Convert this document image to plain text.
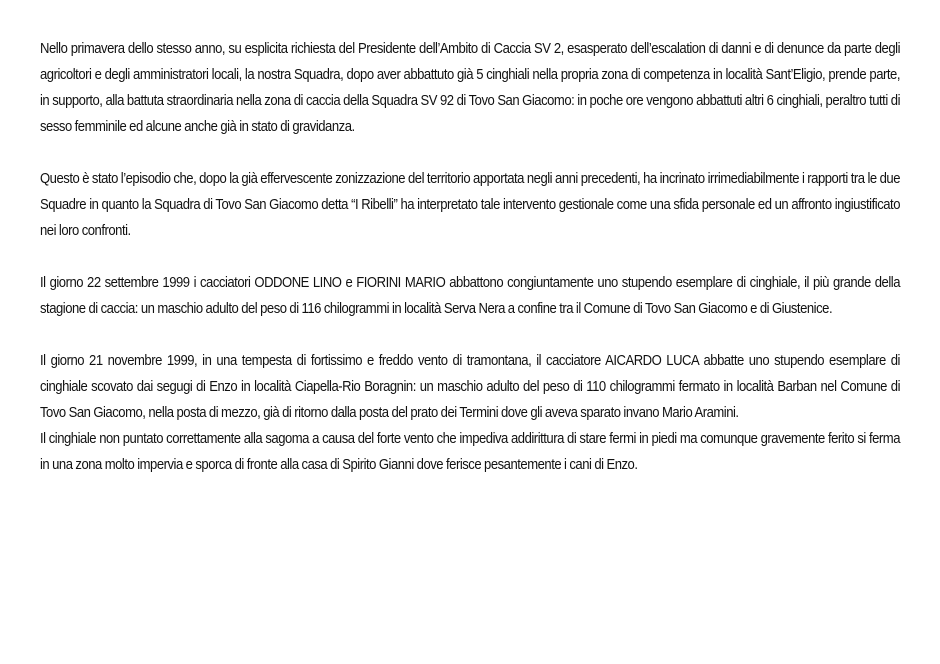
Nello primavera dello stesso anno, su esplicita richiesta del Presidente dell’Ambito di Caccia SV 2, esasperato dell’escalation di danni e di denunce da parte degli agricoltori e degli amministratori locali, la nostra Squadra, dopo aver abbattuto già 5 cinghiali nella propria zona di competenza in località Sant’Eligio, prende parte, in supporto, alla battuta straordinaria nella zona di caccia della Squadra SV 92 di Tovo San Giacomo: in poche ore vengono abbattuti altri 6 cinghiali, peraltro tutti di sesso femminile ed alcune anche già in stato di gravidanza.

Questo è stato l’episodio che, dopo la già effervescente zonizzazione del territorio apportata negli anni precedenti, ha incrinato irrimediabilmente i rapporti tra le due Squadre in quanto la Squadra di Tovo San Giacomo detta “I Ribelli” ha interpretato tale intervento gestionale come una sfida personale ed un affronto ingiustificato nei loro confronti.

Il giorno 22 settembre 1999 i cacciatori ODDONE LINO e FIORINI MARIO abbattono congiuntamente uno stupendo esemplare di cinghiale, il più grande della stagione di caccia: un maschio adulto del peso di 116 chilogrammi in località Serva Nera a confine tra il Comune di Tovo San Giacomo e di Giustenice.

Il giorno 21 novembre 1999, in una tempesta di fortissimo e freddo vento di tramontana, il cacciatore AICARDO LUCA abbatte uno stupendo esemplare di cinghiale scovato dai segugi di Enzo in località Ciapella-Rio Boragnin: un maschio adulto del peso di 110 chilogrammi fermato in località Barban nel Comune di Tovo San Giacomo, nella posta di mezzo, già di ritorno dalla posta del prato dei Termini dove gli aveva sparato invano Mario Aramini.

Il cinghiale non puntato correttamente alla sagoma a causa del forte vento che impediva addirittura di stare fermi in piedi ma comunque gravemente ferito si ferma in una zona molto impervia e sporca di fronte alla casa di Spirito Gianni dove ferisce pesantemente i cani di Enzo.
